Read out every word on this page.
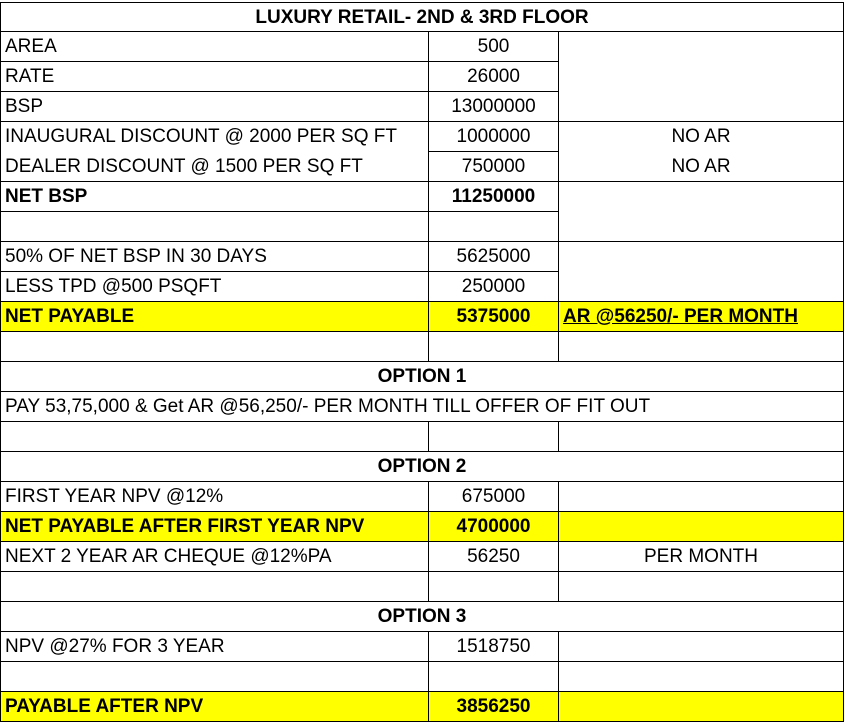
LUXURY RETAIL- 2ND & 3RD FLOOR
AREA	500
RATE	26000
BSP	13000000
INAUGURAL DISCOUNT @ 2000 PER SQ FT	1000000	NO AR
DEALER DISCOUNT @ 1500 PER SQ FT	750000	NO AR
NET BSP	11250000
50% OF NET BSP IN 30 DAYS	5625000
LESS TPD @500 PSQFT	250000
NET PAYABLE	5375000	AR @56250/- PER MONTH
OPTION 1
PAY 53,75,000 & Get AR @56,250/- PER MONTH TILL OFFER OF FIT OUT
OPTION 2
FIRST YEAR NPV @12%	675000
NET PAYABLE AFTER FIRST YEAR NPV	4700000
NEXT 2 YEAR AR CHEQUE @12%PA	56250	PER MONTH
OPTION 3
NPV @27% FOR 3 YEAR	1518750
PAYABLE AFTER NPV	3856250
